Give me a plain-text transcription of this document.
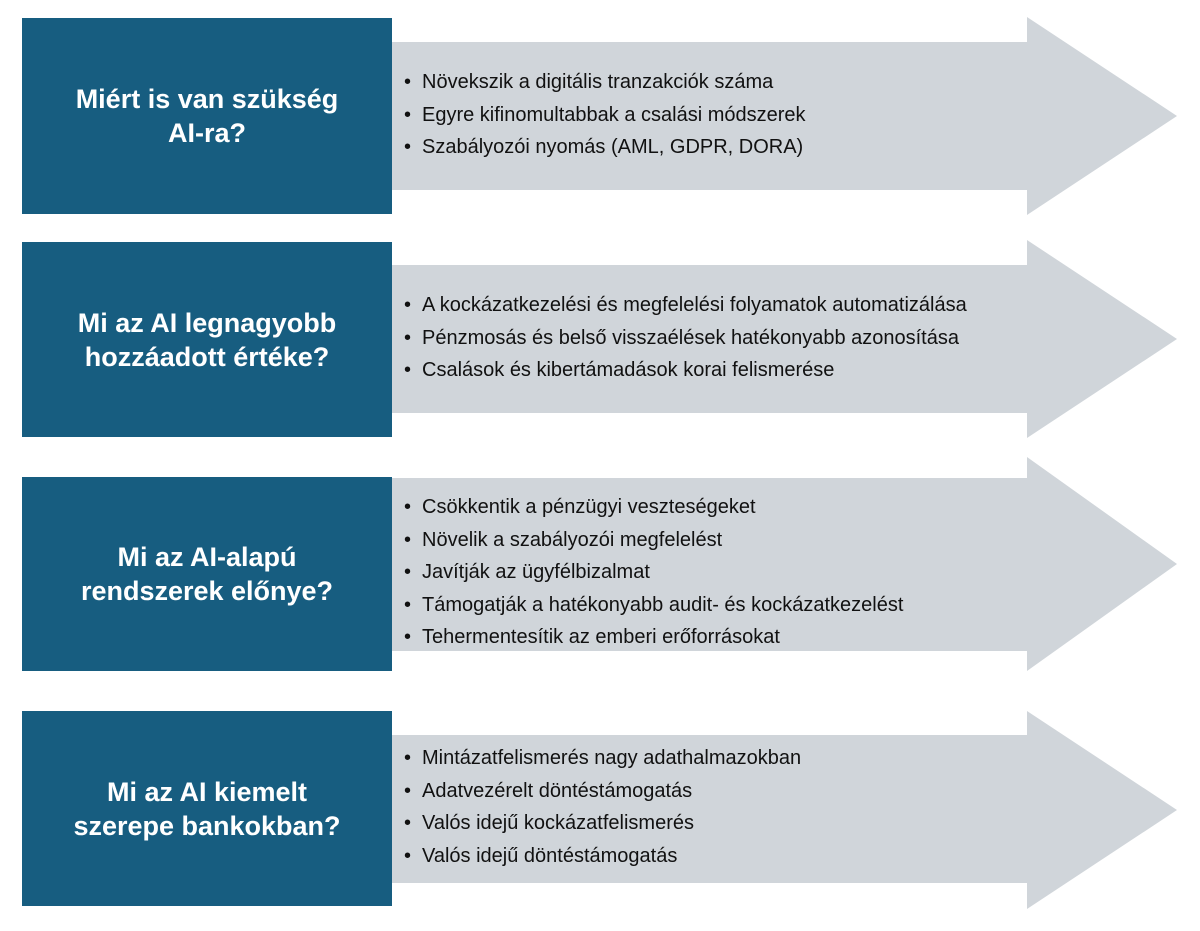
Miért is van szükség
AI-ra?
• Növekszik a digitális tranzakciók száma
• Egyre kifinomultabbak a csalási módszerek
• Szabályozói nyomás (AML, GDPR, DORA)
Mi az AI legnagyobb
hozzáadott értéke?
• A kockázatkezelési és megfelelési folyamatok automatizálása
• Pénzmosás és belső visszaélések hatékonyabb azonosítása
• Csalások és kibertámadások korai felismerése
Mi az AI-alapú
rendszerek előnye?
• Csökkentik a pénzügyi veszteségeket
• Növelik a szabályozói megfelelést
• Javítják az ügyfélbizalmat
• Támogatják a hatékonyabb audit- és kockázatkezelést
• Tehermentesítik az emberi erőforrásokat
Mi az AI kiemelt
szerepe bankokban?
• Mintázatfelismerés nagy adathalmazokban
• Adatvezérelt döntéstámogatás
• Valós idejű kockázatfelismerés
• Valós idejű döntéstámogatás
